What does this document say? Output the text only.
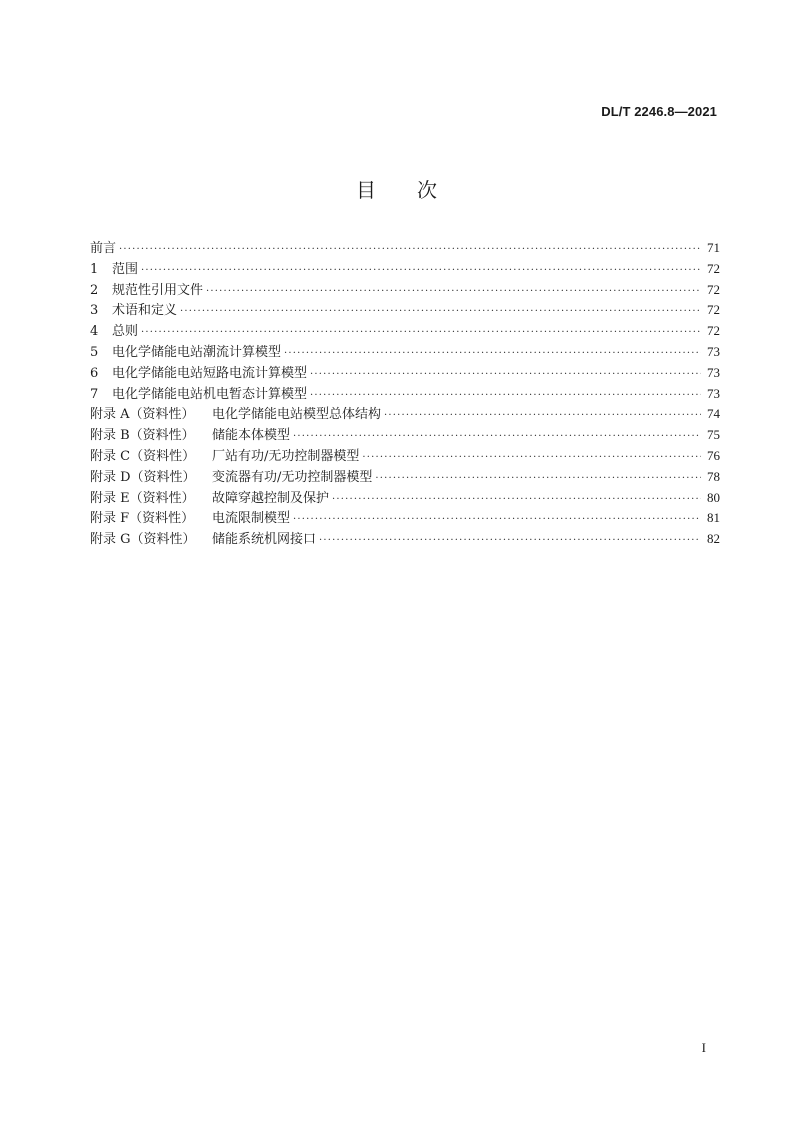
DL/T 2246.8—2021
目 次
前言 ·····	71
1	范围 ·····	72
2	规范性引用文件 ·····	72
3	术语和定义 ·····	72
4	总则 ·····	72
5	电化学储能电站潮流计算模型 ·····	73
6	电化学储能电站短路电流计算模型 ·····	73
7	电化学储能电站机电暂态计算模型 ·····	73
附录 A（资料性）	电化学储能电站模型总体结构 ·····	74
附录 B（资料性）	储能本体模型 ·····	75
附录 C（资料性）	厂站有功/无功控制器模型 ·····	76
附录 D（资料性）	变流器有功/无功控制器模型 ·····	78
附录 E（资料性）	故障穿越控制及保护 ·····	80
附录 F（资料性）	电流限制模型 ·····	81
附录 G（资料性）	储能系统机网接口 ·····	82
I
